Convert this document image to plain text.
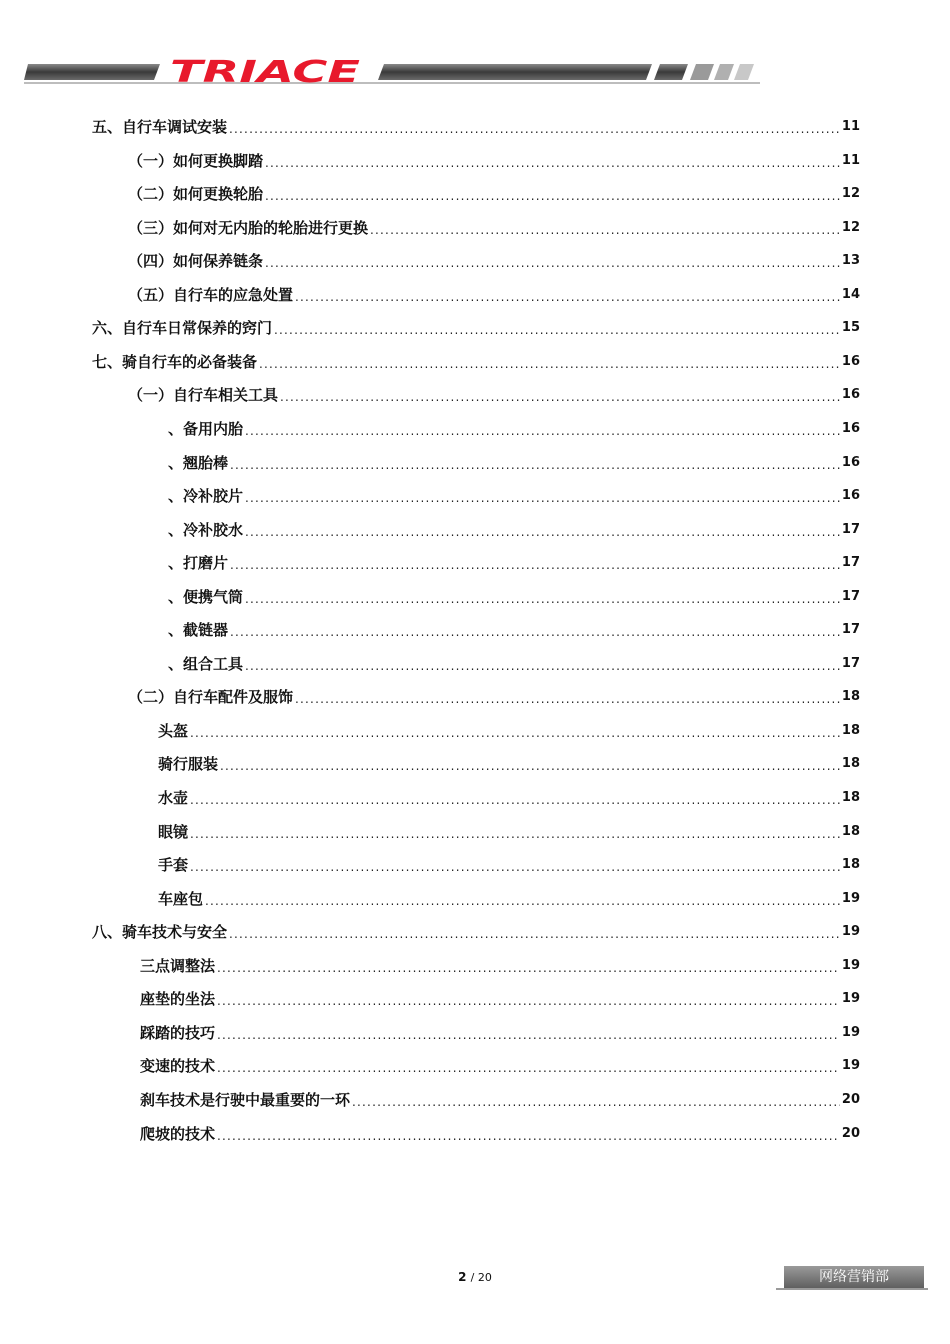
TRIACE
五、自行车调试安装 .....	11
（一）如何更换脚踏 .....	11
（二）如何更换轮胎 .....	12
（三）如何对无内胎的轮胎进行更换 .....	12
（四）如何保养链条 .....	13
（五）自行车的应急处置 .....	14
六、自行车日常保养的窍门 .....	15
七、骑自行车的必备装备 .....	16
（一）自行车相关工具 .....	16
、备用内胎 .....	16
、翘胎棒 .....	16
、冷补胶片 .....	16
、冷补胶水 .....	17
、打磨片 .....	17
、便携气筒 .....	17
、截链器 .....	17
、组合工具 .....	17
（二）自行车配件及服饰 .....	18
头盔 .....	18
骑行服装 .....	18
水壶 .....	18
眼镜 .....	18
手套 .....	18
车座包 .....	19
八、骑车技术与安全 .....	19
三点调整法 .....	19
座垫的坐法 .....	19
踩踏的技巧 .....	19
变速的技术 .....	19
刹车技术是行驶中最重要的一环 .....	20
爬坡的技术 .....	20
2 / 20	网络营销部
